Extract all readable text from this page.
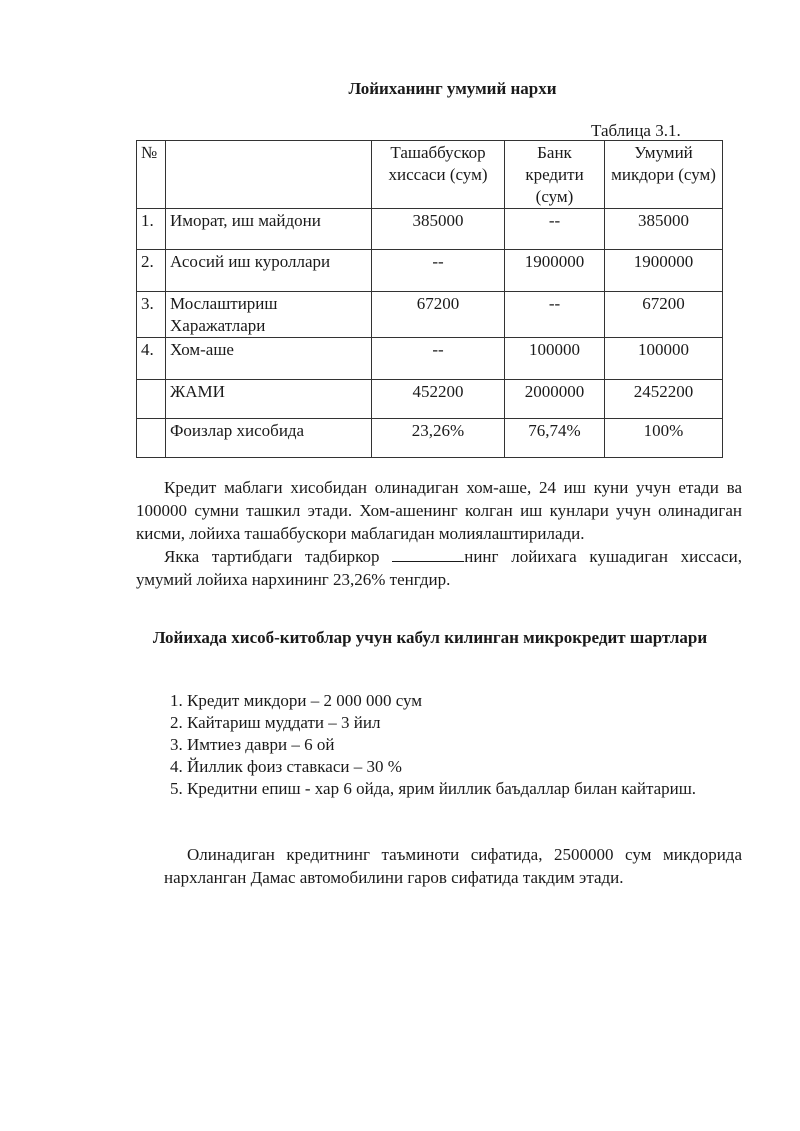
Лойиханинг умумий нархи
Таблица 3.1.
№		Ташаббускор хиссаси (сум)	Банк кредити (сум)	Умумий микдори (сум)
1.	Иморат, иш майдони	385000	--	385000
2.	Асосий иш куроллари	--	1900000	1900000
3.	Мослаштириш Харажатлари	67200	--	67200
4.	Хом-аше	--	100000	100000
	ЖАМИ	452200	2000000	2452200
	Фоизлар хисобида	23,26%	76,74%	100%

Кредит маблаги хисобидан олинадиган хом-аше, 24 иш куни учун етади ва 100000 сумни ташкил этади. Хом-ашенинг колган иш кунлари учун олинадиган кисми, лойиха ташаббускори маблагидан молиялаштирилади.

Якка тартибдаги тадбиркор	нинг лойихага кушадиган хиссаси, умумий лойиха нархининг 23,26% тенгдир.

Лойихада хисоб-китоблар учун кабул килинган микрокредит шартлари
1. Кредит микдори – 2 000 000 сум
2. Кайтариш муддати – 3 йил
3. Имтиез даври – 6 ой
4. Йиллик фоиз ставкаси – 30 %
5. Кредитни епиш - хар 6 ойда, ярим йиллик баъдаллар билан кайтариш.
Олинадиган кредитнинг таъминоти сифатида, 2500000 сум микдорида нархланган Дамас автомобилини гаров сифатида такдим этади.
